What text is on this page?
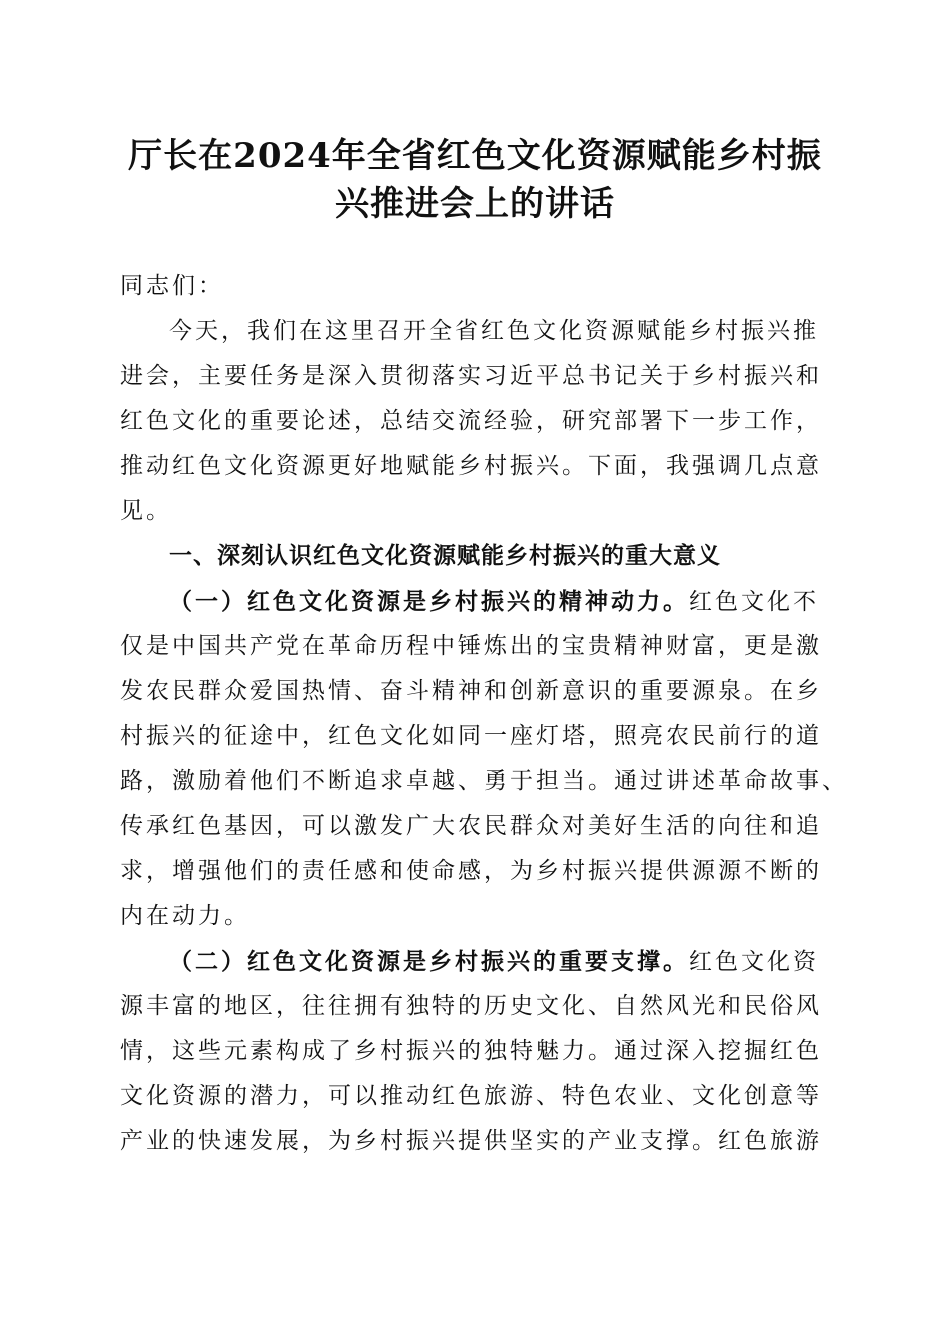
厅长在2024年全省红色文化资源赋能乡村振
兴推进会上的讲话
同志们：
今天，我们在这里召开全省红色文化资源赋能乡村振兴推
进会，主要任务是深入贯彻落实习近平总书记关于乡村振兴和
红色文化的重要论述，总结交流经验，研究部署下一步工作，
推动红色文化资源更好地赋能乡村振兴。下面，我强调几点意
见。
一、深刻认识红色文化资源赋能乡村振兴的重大意义
（一）红色文化资源是乡村振兴的精神动力。红色文化不
仅是中国共产党在革命历程中锤炼出的宝贵精神财富，更是激
发农民群众爱国热情、奋斗精神和创新意识的重要源泉。在乡
村振兴的征途中，红色文化如同一座灯塔，照亮农民前行的道
路，激励着他们不断追求卓越、勇于担当。通过讲述革命故事、
传承红色基因，可以激发广大农民群众对美好生活的向往和追
求，增强他们的责任感和使命感，为乡村振兴提供源源不断的
内在动力。
（二）红色文化资源是乡村振兴的重要支撑。红色文化资
源丰富的地区，往往拥有独特的历史文化、自然风光和民俗风
情，这些元素构成了乡村振兴的独特魅力。通过深入挖掘红色
文化资源的潜力，可以推动红色旅游、特色农业、文化创意等
产业的快速发展，为乡村振兴提供坚实的产业支撑。红色旅游
